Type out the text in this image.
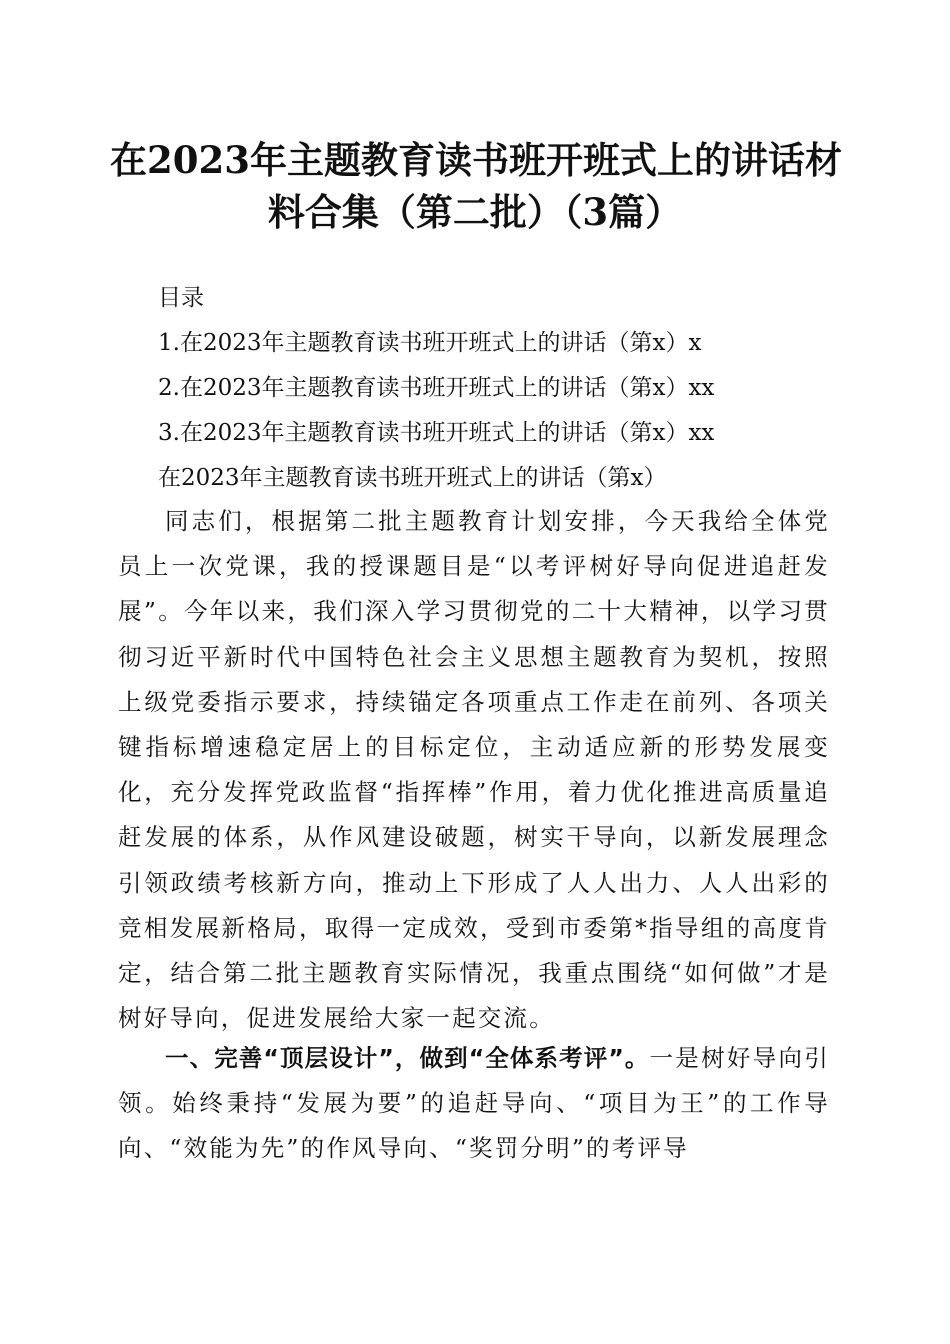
在2023年主题教育读书班开班式上的讲话材
料合集（第二批）（3篇）
目录
1.在2023年主题教育读书班开班式上的讲话（第x）x
2.在2023年主题教育读书班开班式上的讲话（第x）xx
3.在2023年主题教育读书班开班式上的讲话（第x）xx
在2023年主题教育读书班开班式上的讲话（第x）

同志们，根据第二批主题教育计划安排，今天我给全体党员上一次党课，我的授课题目是“以考评树好导向促进追赶发展”。今年以来，我们深入学习贯彻党的二十大精神，以学习贯彻习近平新时代中国特色社会主义思想主题教育为契机，按照上级党委指示要求，持续锚定各项重点工作走在前列、各项关键指标增速稳定居上的目标定位，主动适应新的形势发展变化，充分发挥党政监督“指挥棒”作用，着力优化推进高质量追赶发展的体系，从作风建设破题，树实干导向，以新发展理念引领政绩考核新方向，推动上下形成了人人出力、人人出彩的竞相发展新格局，取得一定成效，受到市委第*指导组的高度肯定，结合第二批主题教育实际情况，我重点围绕“如何做”才是树好导向，促进发展给大家一起交流。

一、完善“顶层设计”，做到“全体系考评”。一是树好导向引领。始终秉持“发展为要”的追赶导向、“项目为王”的工作导向、“效能为先”的作风导向、“奖罚分明”的考评导
